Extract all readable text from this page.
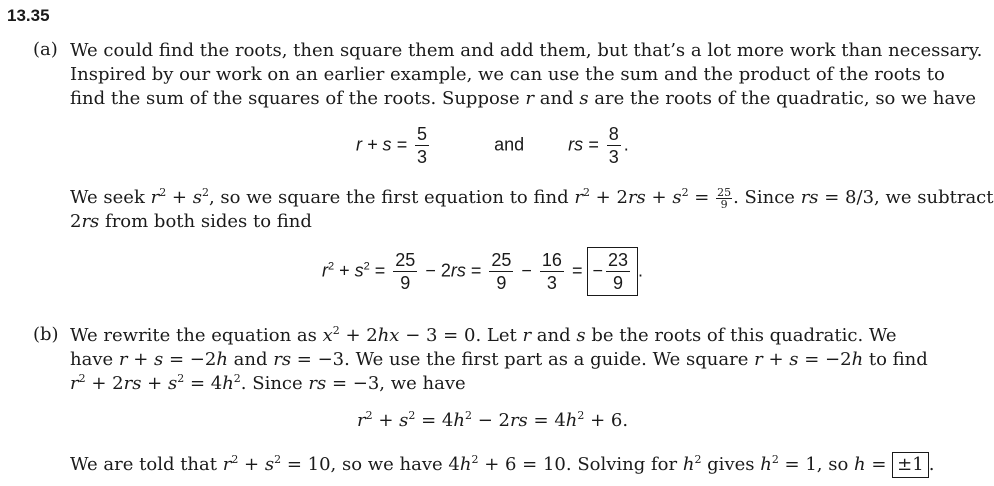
13.35
(a) We could find the roots, then square them and add them, but that’s a lot more work than necessary.
Inspired by our work on an earlier example, we can use the sum and the product of the roots to
find the sum of the squares of the roots. Suppose r and s are the roots of the quadratic, so we have
$r + s = \frac{5}{3}$	and rs = $\frac{8}{3}$ .
We seek $r^2 + s^2$, so we square the first equation to find $r^2 + 2rs + s^2 = \frac{25}{9}$ . Since rs = 8/3, we subtract
2rs from both sides to find
$r^2 + s^2 = \frac{25}{9} - 2rs = \frac{25}{9} - \frac{16}{3}$ = − $\frac{23}{9}$ .
(b) We rewrite the equation as $x^2 + 2hx - 3 = 0$. Let r and s be the roots of this quadratic. We
have r + s = −2h and rs = −3. We use the first part as a guide. We square r + s = −2h to find
$r^2 + 2rs + s^2 = 4h^2$. Since rs = −3, we have
$r^2 + s^2 = 4h^2 - 2rs = 4h^2 + 6$.
We are told that $r^2 + s^2 = 10$, so we have $4h^2 + 6 = 10$. Solving for $h^2$ gives $h^2 = 1$, so h = ±1 .
